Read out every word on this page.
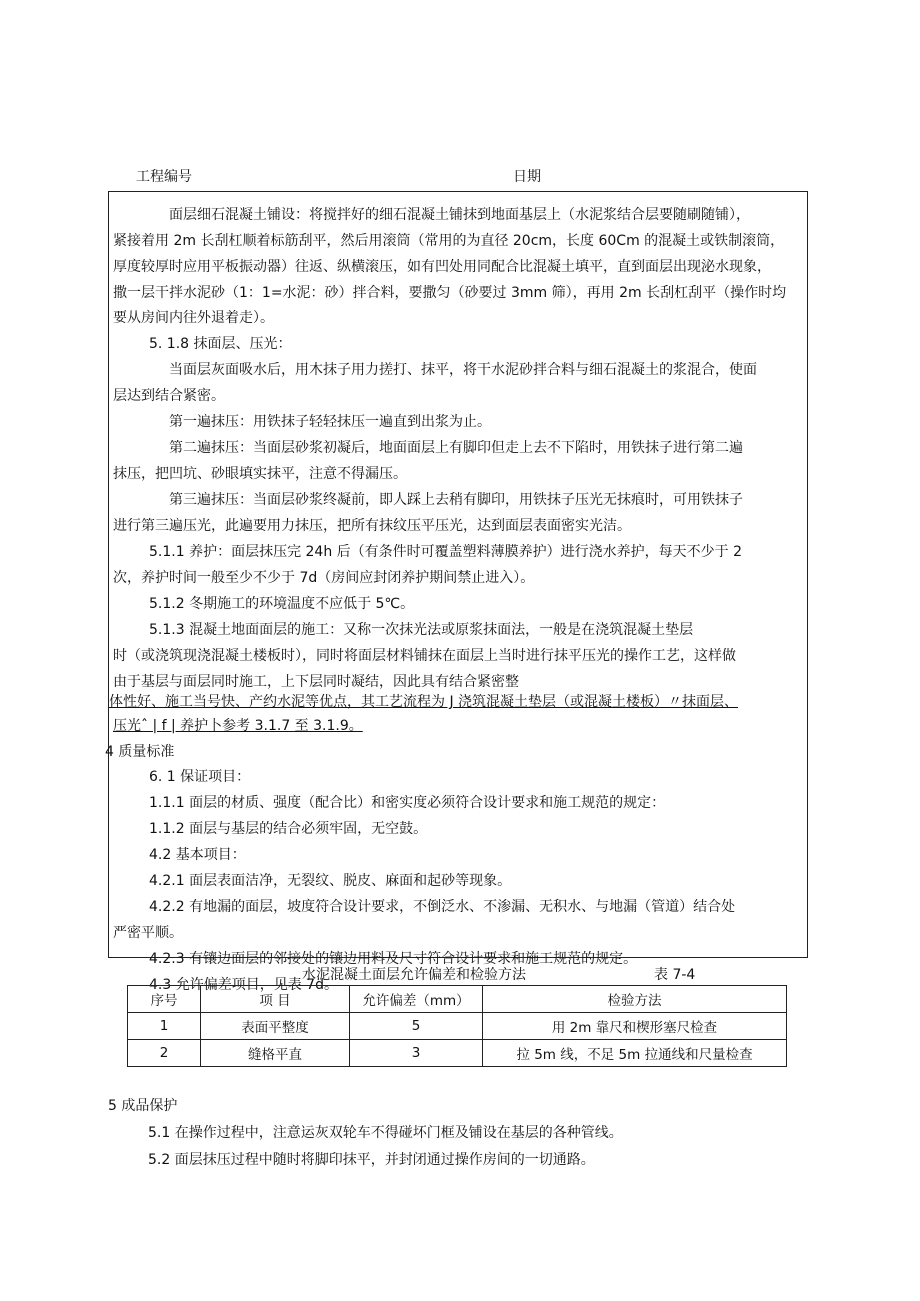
工程编号	日期
面层细石混凝土铺设：将搅拌好的细石混凝土铺抹到地面基层上（水泥浆结合层要随刷随铺），
紧接着用 2m 长刮杠顺着标筋刮平，然后用滚筒（常用的为直径 20cm，长度 60Cm 的混凝土或铁制滚筒，
厚度较厚时应用平板振动器）往返、纵横滚压，如有凹处用同配合比混凝土填平，直到面层出现泌水现象，
撒一层干拌水泥砂（1：1=水泥：砂）拌合料，要撒匀（砂要过 3mm 筛），再用 2m 长刮杠刮平（操作时均
要从房间内往外退着走）。
5. 1.8 抹面层、压光：
当面层灰面吸水后，用木抹子用力搓打、抹平，将干水泥砂拌合料与细石混凝土的浆混合，使面
层达到结合紧密。
第一遍抹压：用铁抹子轻轻抹压一遍直到出浆为止。
第二遍抹压：当面层砂浆初凝后，地面面层上有脚印但走上去不下陷时，用铁抹子进行第二遍
抹压，把凹坑、砂眼填实抹平，注意不得漏压。
第三遍抹压：当面层砂浆终凝前，即人踩上去稍有脚印，用铁抹子压光无抹痕时，可用铁抹子
进行第三遍压光，此遍要用力抹压，把所有抹纹压平压光，达到面层表面密实光洁。
5.1.1 养护：面层抹压完 24h 后（有条件时可覆盖塑料薄膜养护）进行浇水养护，每天不少于 2
次，养护时间一般至少不少于 7d（房间应封闭养护期间禁止进入）。
5.1.2 冬期施工的环境温度不应低于 5℃。
5.1.3 混凝土地面面层的施工：又称一次抹光法或原浆抹面法，一般是在浇筑混凝土垫层
时（或浇筑现浇混凝土楼板时），同时将面层材料铺抹在面层上当时进行抹平压光的操作工艺，这样做
由于基层与面层同时施工，上下层同时凝结，因此具有结合紧密整
体性好、施工当号快、产约水泥等优点，其工艺流程为 J 浇筑混凝土垫层（或混凝土楼板）〃抹面层、
压光ˆ | f | 养护卜参考 3.1.7 至 3.1.9。
4 质量标准
6. 1 保证项目：
1.1.1 面层的材质、强度（配合比）和密实度必须符合设计要求和施工规范的规定：
1.1.2 面层与基层的结合必须牢固，无空鼓。
4.2 基本项目：
4.2.1 面层表面洁净，无裂纹、脱皮、麻面和起砂等现象。
4.2.2 有地漏的面层，坡度符合设计要求，不倒泛水、不渗漏、无积水、与地漏（管道）结合处
严密平顺。
4.2.3 有镶边面层的邻接处的镶边用料及尺寸符合设计要求和施工规范的规定。
4.3 允许偏差项目，见表 7d。
水泥混凝土面层允许偏差和检验方法	表 7-4
序号	项 目	允许偏差（mm）	检验方法
1	表面平整度	5	用 2m 靠尺和楔形塞尺检查
2	缝格平直	3	拉 5m 线，不足 5m 拉通线和尺量检查
5 成品保护
5.1 在操作过程中，注意运灰双轮车不得碰坏门框及铺设在基层的各种管线。
5.2 面层抹压过程中随时将脚印抹平，并封闭通过操作房间的一切通路。
